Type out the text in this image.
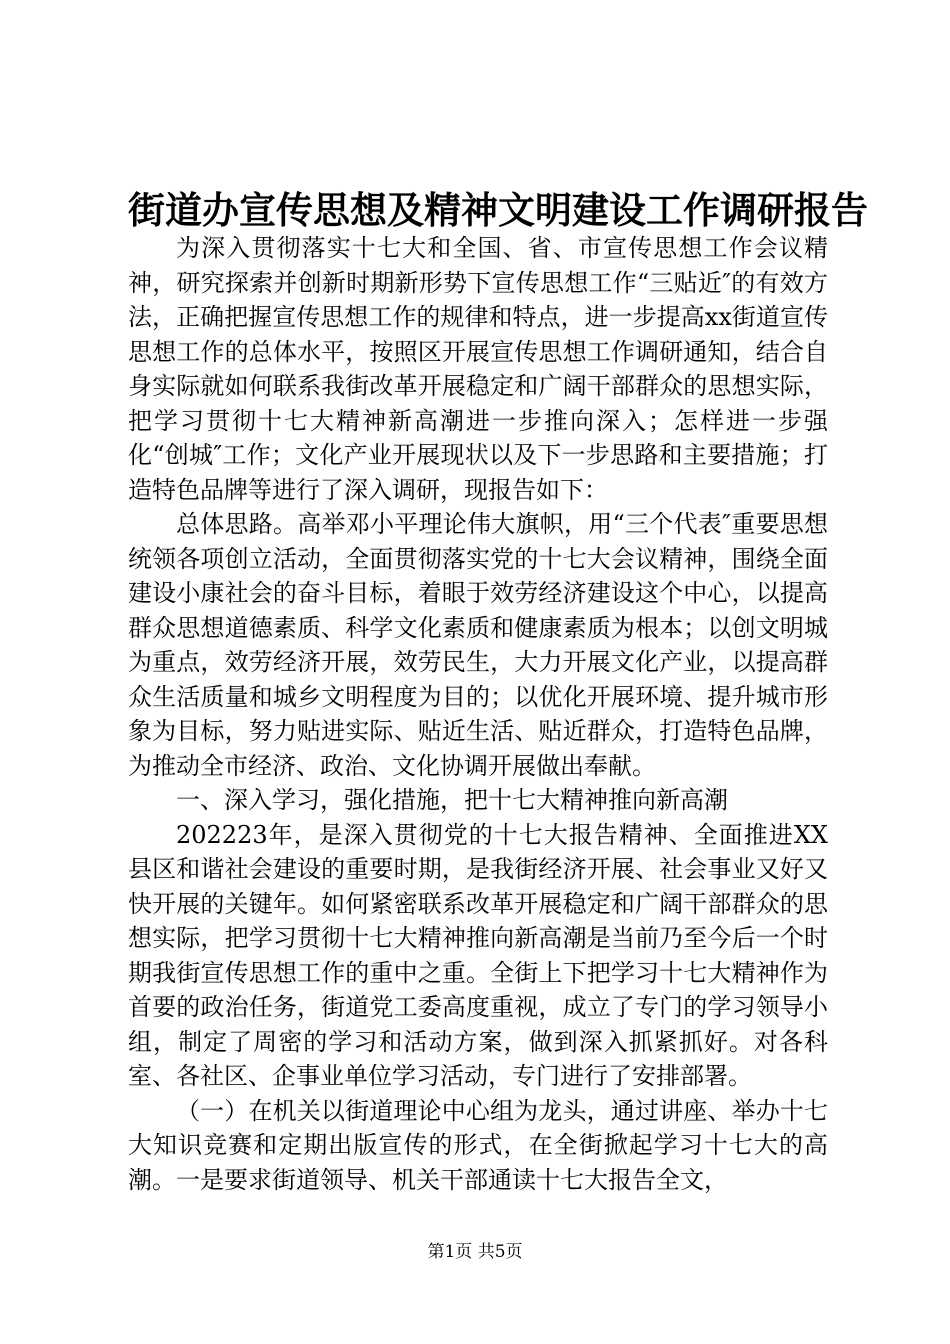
街道办宣传思想及精神文明建设工作调研报告

为深入贯彻落实十七大和全国、省、市宣传思想工作会议精神，研究探索并创新时期新形势下宣传思想工作“三贴近″的有效方法，正确把握宣传思想工作的规律和特点，进一步提高xx街道宣传思想工作的总体水平，按照区开展宣传思想工作调研通知，结合自身实际就如何联系我街改革开展稳定和广阔干部群众的思想实际，把学习贯彻十七大精神新高潮进一步推向深入；怎样进一步强化“创城″工作；文化产业开展现状以及下一步思路和主要措施；打造特色品牌等进行了深入调研，现报告如下：

总体思路。高举邓小平理论伟大旗帜，用“三个代表″重要思想统领各项创立活动，全面贯彻落实党的十七大会议精神，围绕全面建设小康社会的奋斗目标，着眼于效劳经济建设这个中心，以提高群众思想道德素质、科学文化素质和健康素质为根本；以创文明城为重点，效劳经济开展，效劳民生，大力开展文化产业，以提高群众生活质量和城乡文明程度为目的；以优化开展环境、提升城市形象为目标，努力贴进实际、贴近生活、贴近群众，打造特色品牌，为推动全市经济、政治、文化协调开展做出奉献。

一、深入学习，强化措施，把十七大精神推向新高潮

202223年，是深入贯彻党的十七大报告精神、全面推进XX县区和谐社会建设的重要时期，是我街经济开展、社会事业又好又快开展的关键年。如何紧密联系改革开展稳定和广阔干部群众的思想实际，把学习贯彻十七大精神推向新高潮是当前乃至今后一个时期我街宣传思想工作的重中之重。全街上下把学习十七大精神作为首要的政治任务，街道党工委高度重视，成立了专门的学习领导小组，制定了周密的学习和活动方案，做到深入抓紧抓好。对各科室、各社区、企事业单位学习活动，专门进行了安排部署。

（一）在机关以街道理论中心组为龙头，通过讲座、举办十七大知识竞赛和定期出版宣传的形式，在全街掀起学习十七大的高潮。一是要求街道领导、机关干部通读十七大报告全文，

第1页 共5页
